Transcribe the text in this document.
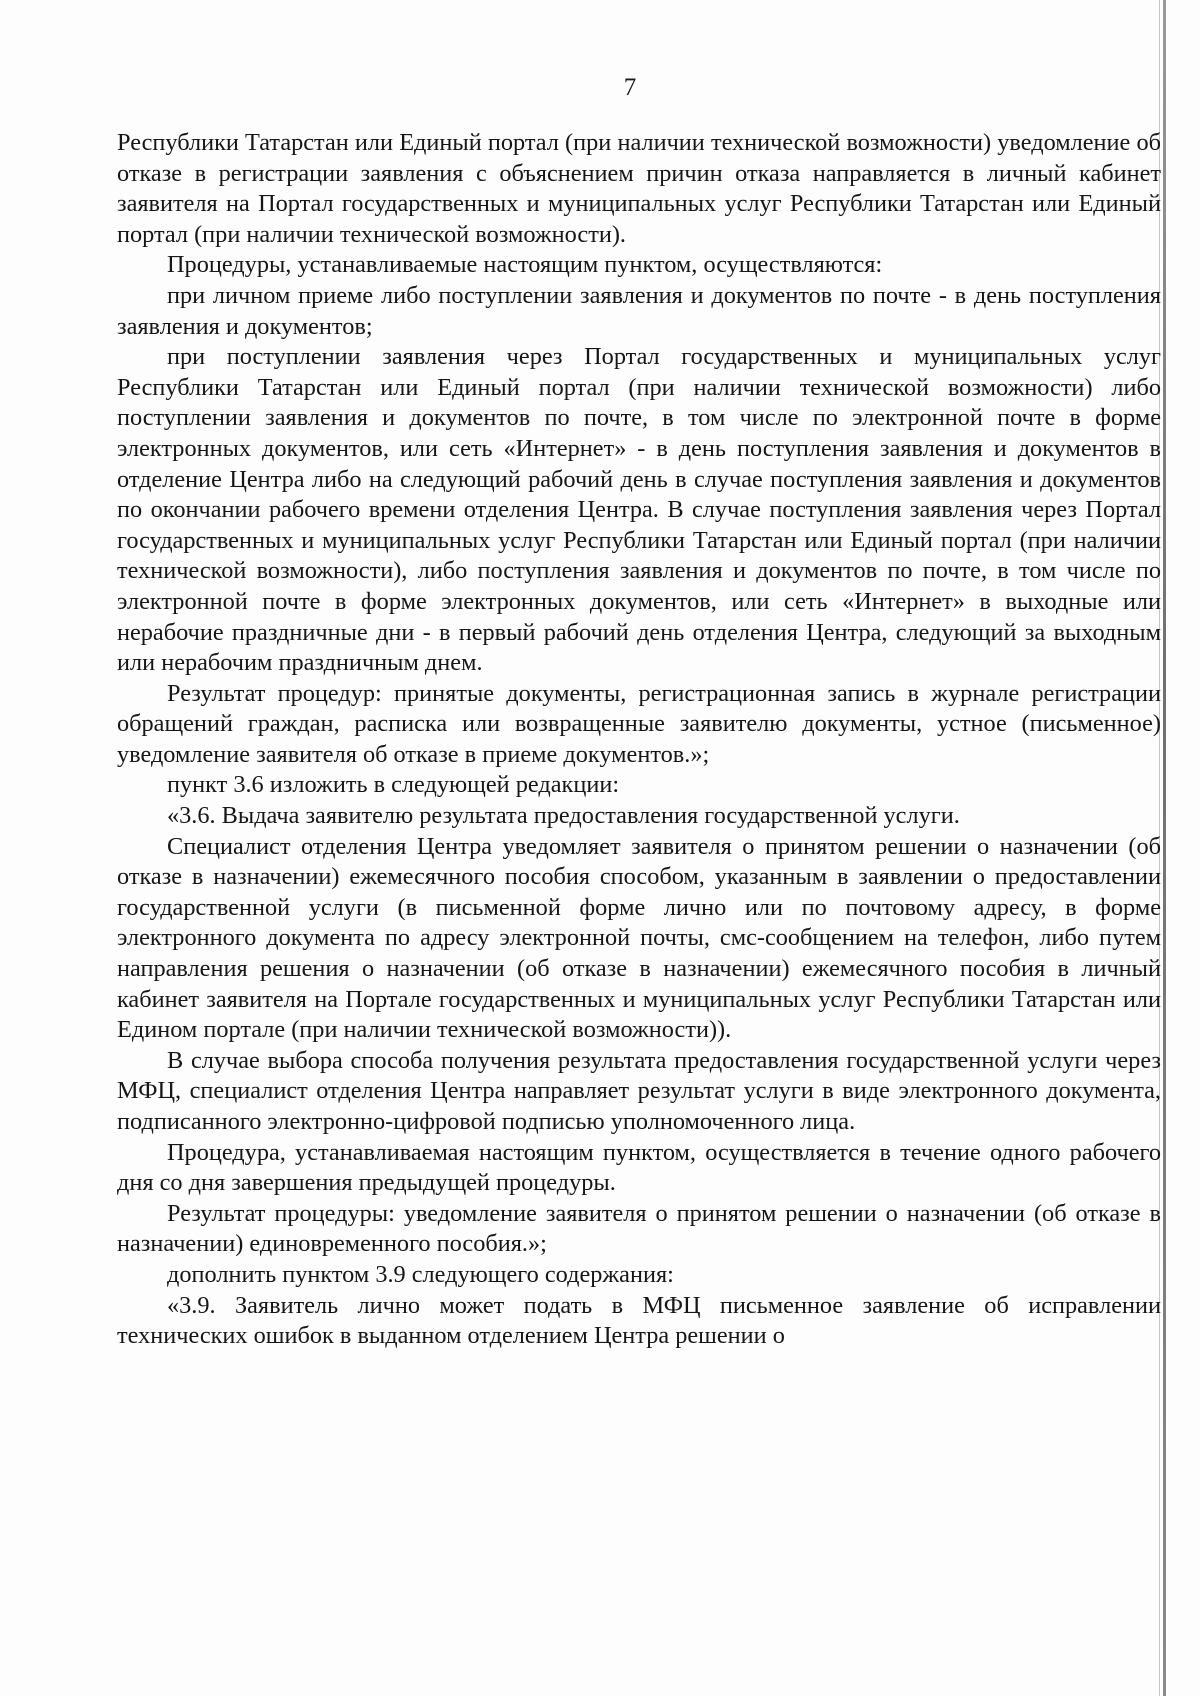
7

Республики Татарстан или Единый портал (при наличии технической возможности) уведомление об отказе в регистрации заявления с объяснением причин отказа направляется в личный кабинет заявителя на Портал государственных и муниципальных услуг Республики Татарстан или Единый портал (при наличии технической возможности).

Процедуры, устанавливаемые настоящим пунктом, осуществляются:

при личном приеме либо поступлении заявления и документов по почте - в день поступления заявления и документов;

при поступлении заявления через Портал государственных и муниципальных услуг Республики Татарстан или Единый портал (при наличии технической возможности) либо поступлении заявления и документов по почте, в том числе по электронной почте в форме электронных документов, или сеть «Интернет» - в день поступления заявления и документов в отделение Центра либо на следующий рабочий день в случае поступления заявления и документов по окончании рабочего времени отделения Центра. В случае поступления заявления через Портал государственных и муниципальных услуг Республики Татарстан или Единый портал (при наличии технической возможности), либо поступления заявления и документов по почте, в том числе по электронной почте в форме электронных документов, или сеть «Интернет» в выходные или нерабочие праздничные дни - в первый рабочий день отделения Центра, следующий за выходным или нерабочим праздничным днем.

Результат процедур: принятые документы, регистрационная запись в журнале регистрации обращений граждан, расписка или возвращенные заявителю документы, устное (письменное) уведомление заявителя об отказе в приеме документов.»;

пункт 3.6 изложить в следующей редакции:

«3.6. Выдача заявителю результата предоставления государственной услуги.

Специалист отделения Центра уведомляет заявителя о принятом решении о назначении (об отказе в назначении) ежемесячного пособия способом, указанным в заявлении о предоставлении государственной услуги (в письменной форме лично или по почтовому адресу, в форме электронного документа по адресу электронной почты, смс-сообщением на телефон, либо путем направления решения о назначении (об отказе в назначении) ежемесячного пособия в личный кабинет заявителя на Портале государственных и муниципальных услуг Республики Татарстан или Едином портале (при наличии технической возможности)).

В случае выбора способа получения результата предоставления государственной услуги через МФЦ, специалист отделения Центра направляет результат услуги в виде электронного документа, подписанного электронно-цифровой подписью уполномоченного лица.

Процедура, устанавливаемая настоящим пунктом, осуществляется в течение одного рабочего дня со дня завершения предыдущей процедуры.

Результат процедуры: уведомление заявителя о принятом решении о назначении (об отказе в назначении) единовременного пособия.»;

дополнить пунктом 3.9 следующего содержания:

«3.9. Заявитель лично может подать в МФЦ письменное заявление об исправлении технических ошибок в выданном отделением Центра решении о
